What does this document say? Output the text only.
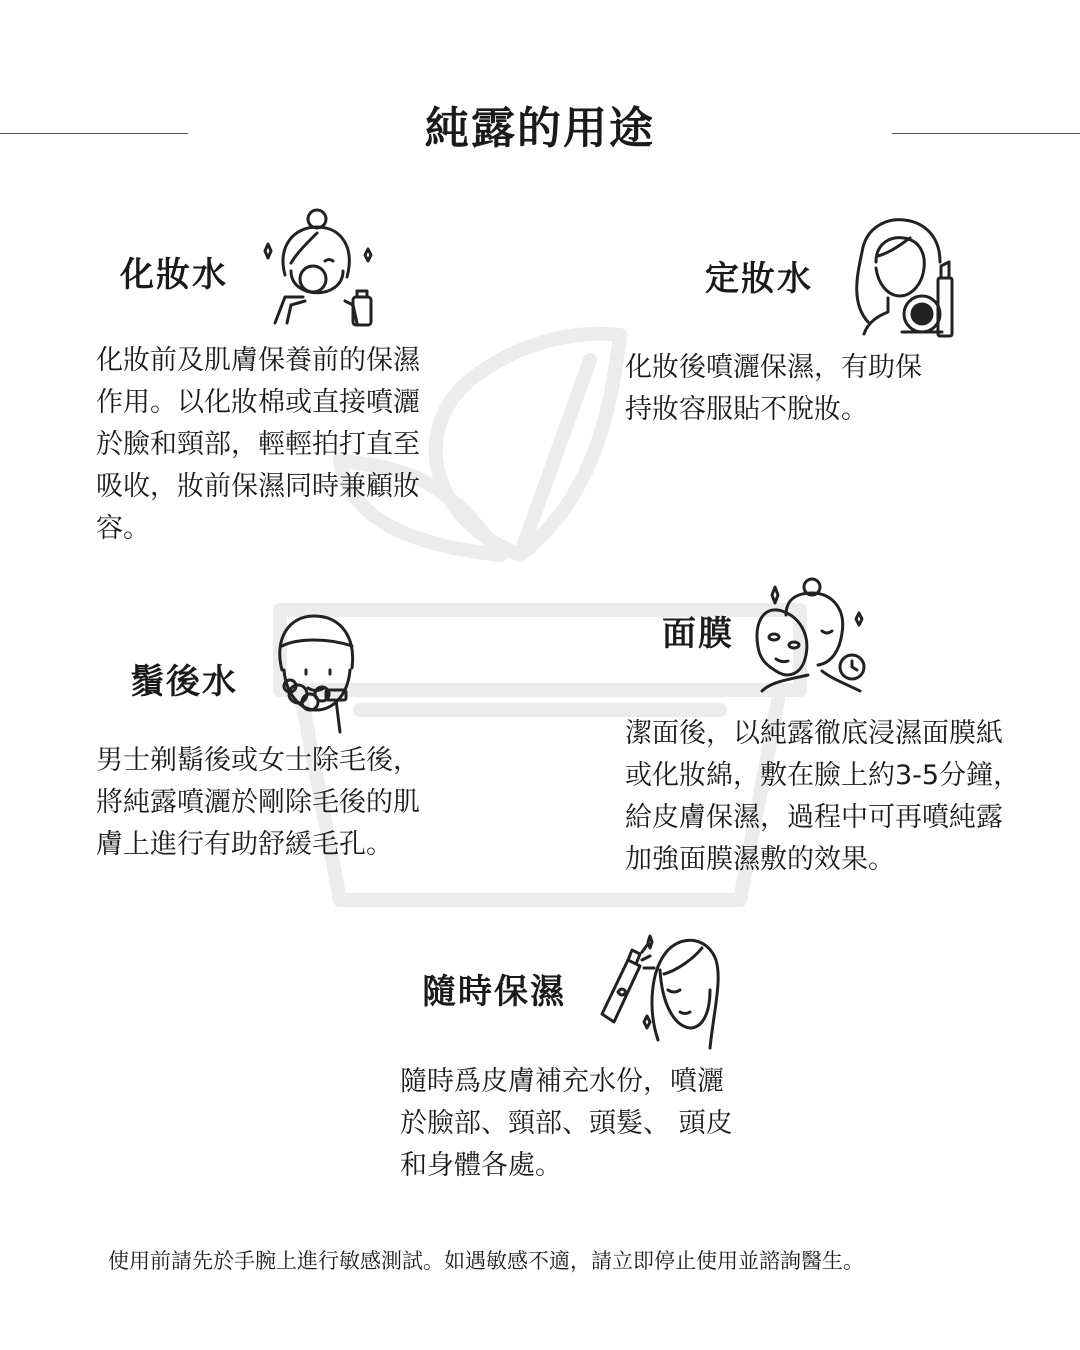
純露的用途
化妝水
化妝前及肌膚保養前的保濕
作用。以化妝棉或直接噴灑
於臉和頸部，輕輕拍打直至
吸收，妝前保濕同時兼顧妝
容。
定妝水
化妝後噴灑保濕，有助保
持妝容服貼不脫妝。
鬚後水
男士剃鬍後或女士除毛後，
將純露噴灑於剛除毛後的肌
膚上進行有助舒緩毛孔。
面膜
潔面後，以純露徹底浸濕面膜紙
或化妝綿，敷在臉上約3-5分鐘，
給皮膚保濕，過程中可再噴純露
加強面膜濕敷的效果。
隨時保濕
隨時爲皮膚補充水份，噴灑
於臉部、頸部、頭髮、 頭皮
和身體各處。
使用前請先於手腕上進行敏感測試。如遇敏感不適，請立即停止使用並諮詢醫生。
